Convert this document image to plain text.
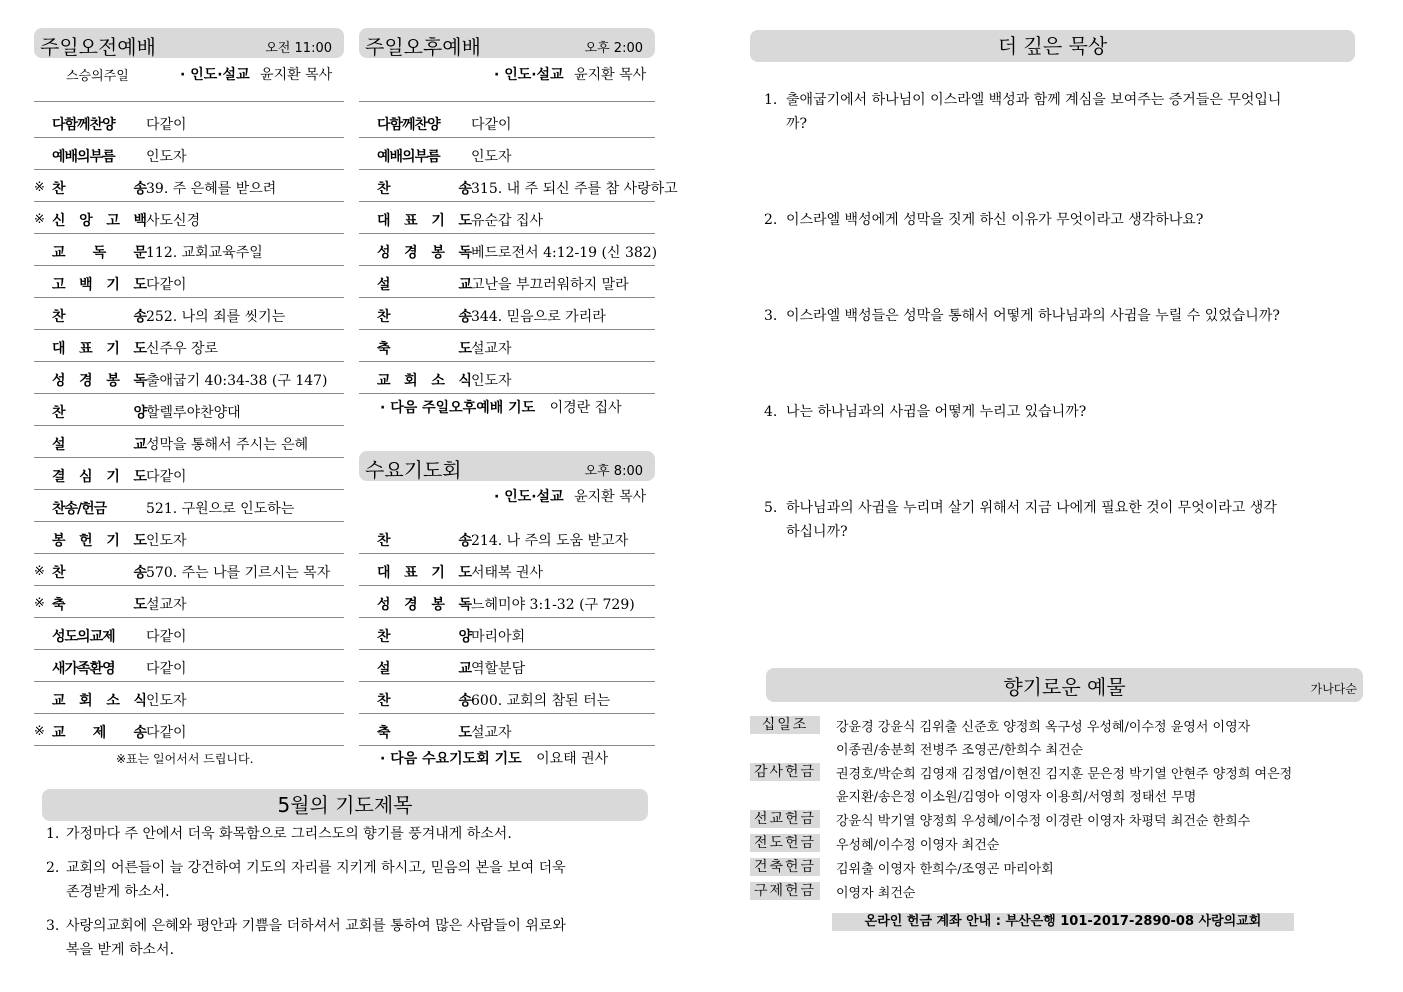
주일오전예배	오전 11:00
스승의주일	· 인도·설교 윤지환 목사
다함께찬양	다같이
예배의부름	인도자
※ 찬	송 39. 주 은혜를 받으려
※ 신 앙 고 백 사도신경
교 독 문 112. 교회교육주일
고 백 기 도 다같이
찬	송 252. 나의 죄를 씻기는
대 표 기 도 신주우 장로
성 경 봉 독 출애굽기 40:34-38 (구 147)
찬	양 할렐루야찬양대
설	교 성막을 통해서 주시는 은혜
결 심 기 도 다같이
찬송/헌금	521. 구원으로 인도하는
봉 헌 기 도 인도자
※ 찬	송 570. 주는 나를 기르시는 목자
※ 축	도 설교자
성도의교제	다같이
새가족환영	다같이
교 회 소 식 인도자
※ 교 제 송 다같이
※표는 일어서서 드립니다.
주일오후예배	오후 2:00
· 인도·설교 윤지환 목사
다함께찬양	다같이
예배의부름	인도자
찬	송 315. 내 주 되신 주를 참 사랑하고
대 표 기 도 유순갑 집사
성 경 봉 독 베드로전서 4:12-19 (신 382)
설	교 고난을 부끄러워하지 말라
찬	송 344. 믿음으로 가리라
축	도 설교자
교 회 소 식 인도자
· 다음 주일오후예배 기도 이경란 집사
수요기도회	오후 8:00
· 인도·설교 윤지환 목사
찬	송 214. 나 주의 도움 받고자
대 표 기 도 서태복 권사
성 경 봉 독 느헤미야 3:1-32 (구 729)
찬	양 마리아회
설	교 역할분담
찬	송 600. 교회의 참된 터는
축	도 설교자
· 다음 수요기도회 기도 이요태 권사
5월의 기도제목
1. 가정마다 주 안에서 더욱 화목함으로 그리스도의 향기를 풍겨내게 하소서.
2. 교회의 어른들이 늘 강건하여 기도의 자리를 지키게 하시고, 믿음의 본을 보여 더욱
존경받게 하소서.
3. 사랑의교회에 은혜와 평안과 기쁨을 더하셔서 교회를 통하여 많은 사람들이 위로와
복을 받게 하소서.
더 깊은 묵상
1. 출애굽기에서 하나님이 이스라엘 백성과 함께 계심을 보여주는 증거들은 무엇입니
까?
2. 이스라엘 백성에게 성막을 짓게 하신 이유가 무엇이라고 생각하나요?
3. 이스라엘 백성들은 성막을 통해서 어떻게 하나님과의 사귐을 누릴 수 있었습니까?
4. 나는 하나님과의 사귐을 어떻게 누리고 있습니까?
5. 하나님과의 사귐을 누리며 살기 위해서 지금 나에게 필요한 것이 무엇이라고 생각
하십니까?
향기로운 예물	가나다순
십일조	강윤경 강윤식 김위출 신준호 양정희 옥구성 우성혜/이수정 윤영서 이영자
이종권/송분희 전병주 조영곤/한희수 최건순
감사헌금	권경호/박순희 김영재 김정엽/이현진 김지훈 문은정 박기열 안현주 양정희 여은정
윤지환/송은정 이소원/김영아 이영자 이용희/서영희 정태선 무명
선교헌금	강윤식 박기열 양정희 우성혜/이수정 이경란 이영자 차평덕 최건순 한희수
전도헌금	우성혜/이수정 이영자 최건순
건축헌금	김위출 이영자 한희수/조영곤 마리아회
구제헌금	이영자 최건순
온라인 헌금 계좌 안내 : 부산은행 101-2017-2890-08 사랑의교회
